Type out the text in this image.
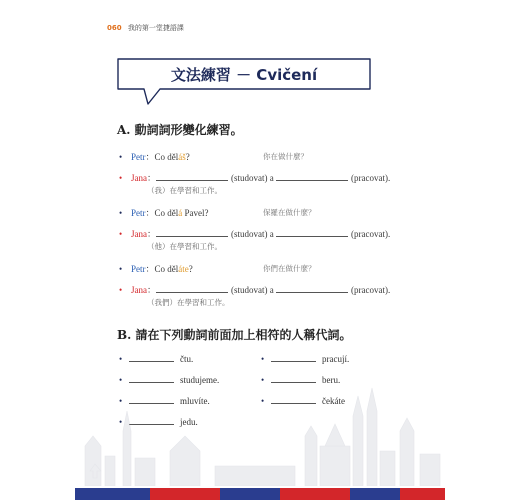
060 我的第一堂捷語課
文法練習 － Cvičení
A. 動詞詞形變化練習。
• Petr：Co děláš?	你在做什麼？
• Jana：	(studovat) a	(pracovat).
（我）在學習和工作。
• Petr：Co dělá Pavel?	保羅在做什麼？
• Jana：	(studovat) a	(pracovat).
（他）在學習和工作。
• Petr：Co děláte?	你們在做什麼？
• Jana：	(studovat) a	(pracovat).
（我們）在學習和工作。
B. 請在下列動詞前面加上相符的人稱代詞。
•	čtu.
•	studujeme.
•	mluvíte.
•	jedu.
•	pracují.
•	beru.
•	čekáte
